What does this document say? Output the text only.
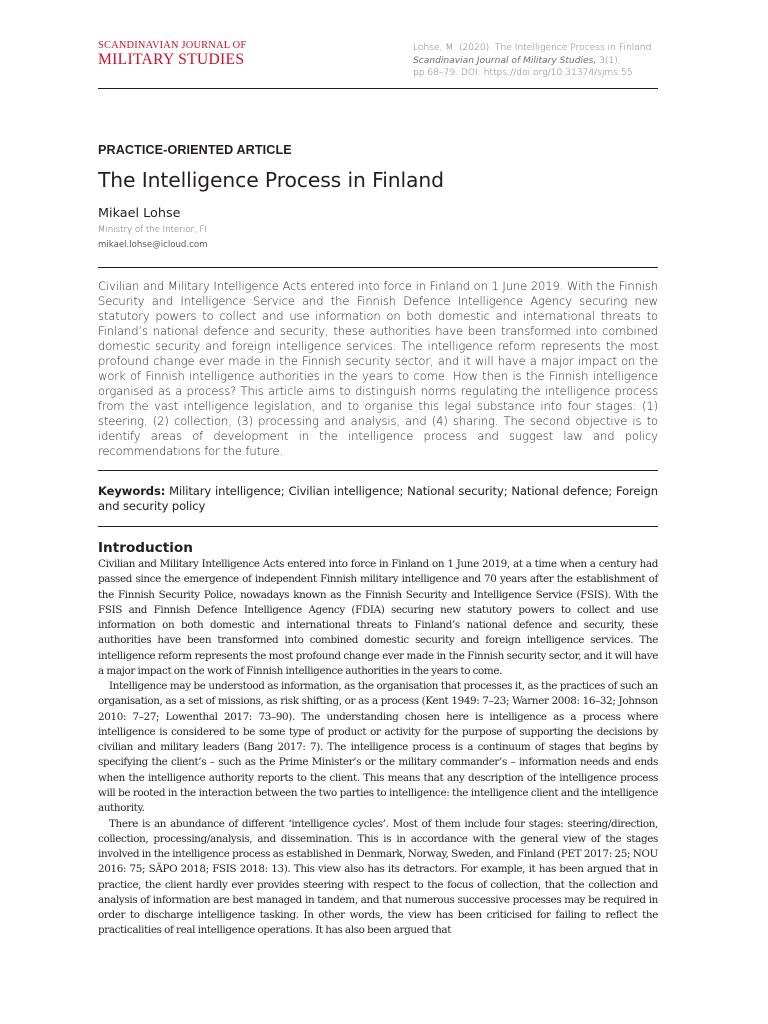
SCANDINAVIAN JOURNAL OF
MILITARY STUDIES
Lohse, M. (2020). The Intelligence Process in Finland.
Scandinavian Journal of Military Studies, 3(1),
pp.68–79. DOI: https://doi.org/10.31374/sjms.55
PRACTICE-ORIENTED ARTICLE
The Intelligence Process in Finland
Mikael Lohse
Ministry of the Interior, FI
mikael.lohse@icloud.com

Civilian and Military Intelligence Acts entered into force in Finland on 1 June 2019. With the Finnish Security and Intelligence Service and the Finnish Defence Intelligence Agency securing new statutory powers to collect and use information on both domestic and international threats to Finland’s national defence and security, these authorities have been transformed into combined domestic security and foreign intelligence services. The intelligence reform represents the most profound change ever made in the Finnish security sector, and it will have a major impact on the work of Finnish intelligence authorities in the years to come. How then is the Finnish intelligence organised as a process? This article aims to distinguish norms regulating the intelligence process from the vast intelligence legislation, and to organise this legal substance into four stages: (1) steering, (2) collection, (3) processing and analysis, and (4) sharing. The second objective is to identify areas of development in the intelligence process and suggest law and policy recommendations for the future.

Keywords: Military intelligence; Civilian intelligence; National security; National defence; Foreign and security policy

Introduction

Civilian and Military Intelligence Acts entered into force in Finland on 1 June 2019, at a time when a century had passed since the emergence of independent Finnish military intelligence and 70 years after the establishment of the Finnish Security Police, nowadays known as the Finnish Security and Intelligence Service (FSIS). With the FSIS and Finnish Defence Intelligence Agency (FDIA) securing new statutory powers to collect and use information on both domestic and international threats to Finland’s national defence and security, these authorities have been transformed into combined domestic security and foreign intelligence services. The intelligence reform represents the most profound change ever made in the Finnish security sector, and it will have a major impact on the work of Finnish intelligence authorities in the years to come.

Intelligence may be understood as information, as the organisation that processes it, as the practices of such an organisation, as a set of missions, as risk shifting, or as a process (Kent 1949: 7–23; Warner 2008: 16–32; Johnson 2010: 7–27; Lowenthal 2017: 73–90). The understanding chosen here is intelligence as a process where intelligence is considered to be some type of product or activity for the purpose of supporting the decisions by civilian and military leaders (Bang 2017: 7). The intelligence process is a continuum of stages that begins by specifying the client’s – such as the Prime Minister’s or the military commander’s – information needs and ends when the intelligence authority reports to the client. This means that any description of the intelligence process will be rooted in the interaction between the two parties to intelligence: the intelligence client and the intelligence authority.

There is an abundance of different ‘intelligence cycles’. Most of them include four stages: steering/direction, collection, processing/analysis, and dissemination. This is in accordance with the general view of the stages involved in the intelligence process as established in Denmark, Norway, Sweden, and Finland (PET 2017: 25; NOU 2016: 75; SÄPO 2018; FSIS 2018: 13). This view also has its detractors. For example, it has been argued that in practice, the client hardly ever provides steering with respect to the focus of collection, that the collection and analysis of information are best managed in tandem, and that numerous successive processes may be required in order to discharge intelligence tasking. In other words, the view has been criticised for failing to reflect the practicalities of real intelligence operations. It has also been argued that
